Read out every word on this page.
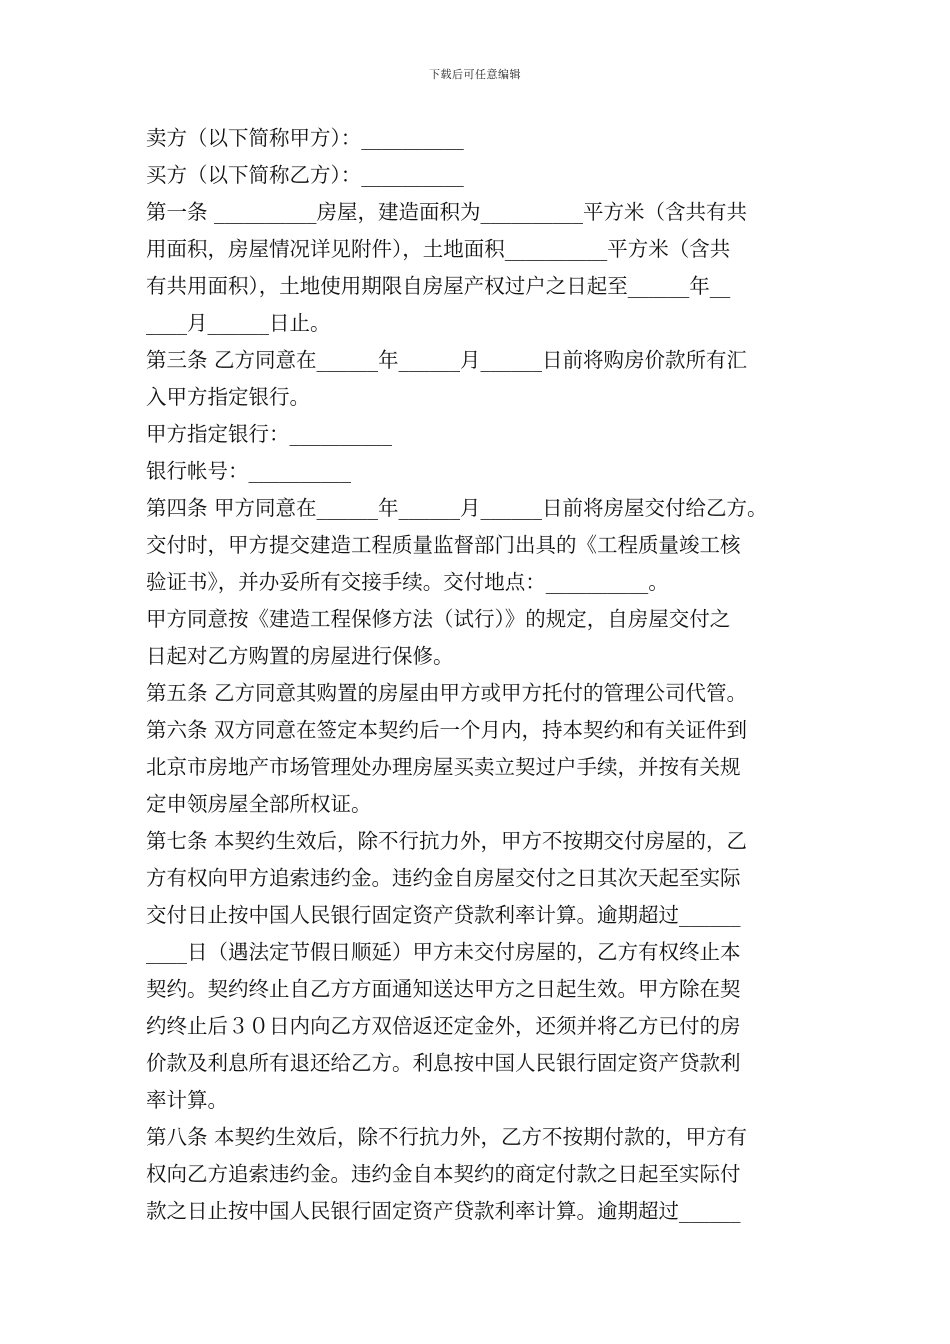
下载后可任意编辑
卖方（以下简称甲方）：__________
买方（以下简称乙方）：__________
第一条 __________房屋，建造面积为__________平方米（含共有共
用面积，房屋情况详见附件），土地面积__________平方米（含共
有共用面积），土地使用期限自房屋产权过户之日起至______年__
____月______日止。
第三条 乙方同意在______年______月______日前将购房价款所有汇
入甲方指定银行。
甲方指定银行：__________
银行帐号：__________
第四条 甲方同意在______年______月______日前将房屋交付给乙方。
交付时，甲方提交建造工程质量监督部门出具的《工程质量竣工核
验证书》，并办妥所有交接手续。交付地点：__________。
甲方同意按《建造工程保修方法（试行）》的规定，自房屋交付之
日起对乙方购置的房屋进行保修。
第五条 乙方同意其购置的房屋由甲方或甲方托付的管理公司代管。
第六条 双方同意在签定本契约后一个月内，持本契约和有关证件到
北京市房地产市场管理处办理房屋买卖立契过户手续，并按有关规
定申领房屋全部所权证。
第七条 本契约生效后，除不行抗力外，甲方不按期交付房屋的，乙
方有权向甲方追索违约金。违约金自房屋交付之日其次天起至实际
交付日止按中国人民银行固定资产贷款利率计算。逾期超过______
____日（遇法定节假日顺延）甲方未交付房屋的，乙方有权终止本
契约。契约终止自乙方方面通知送达甲方之日起生效。甲方除在契
约终止后３０日内向乙方双倍返还定金外，还须并将乙方已付的房
价款及利息所有退还给乙方。利息按中国人民银行固定资产贷款利
率计算。
第八条 本契约生效后，除不行抗力外，乙方不按期付款的，甲方有
权向乙方追索违约金。违约金自本契约的商定付款之日起至实际付
款之日止按中国人民银行固定资产贷款利率计算。逾期超过______
